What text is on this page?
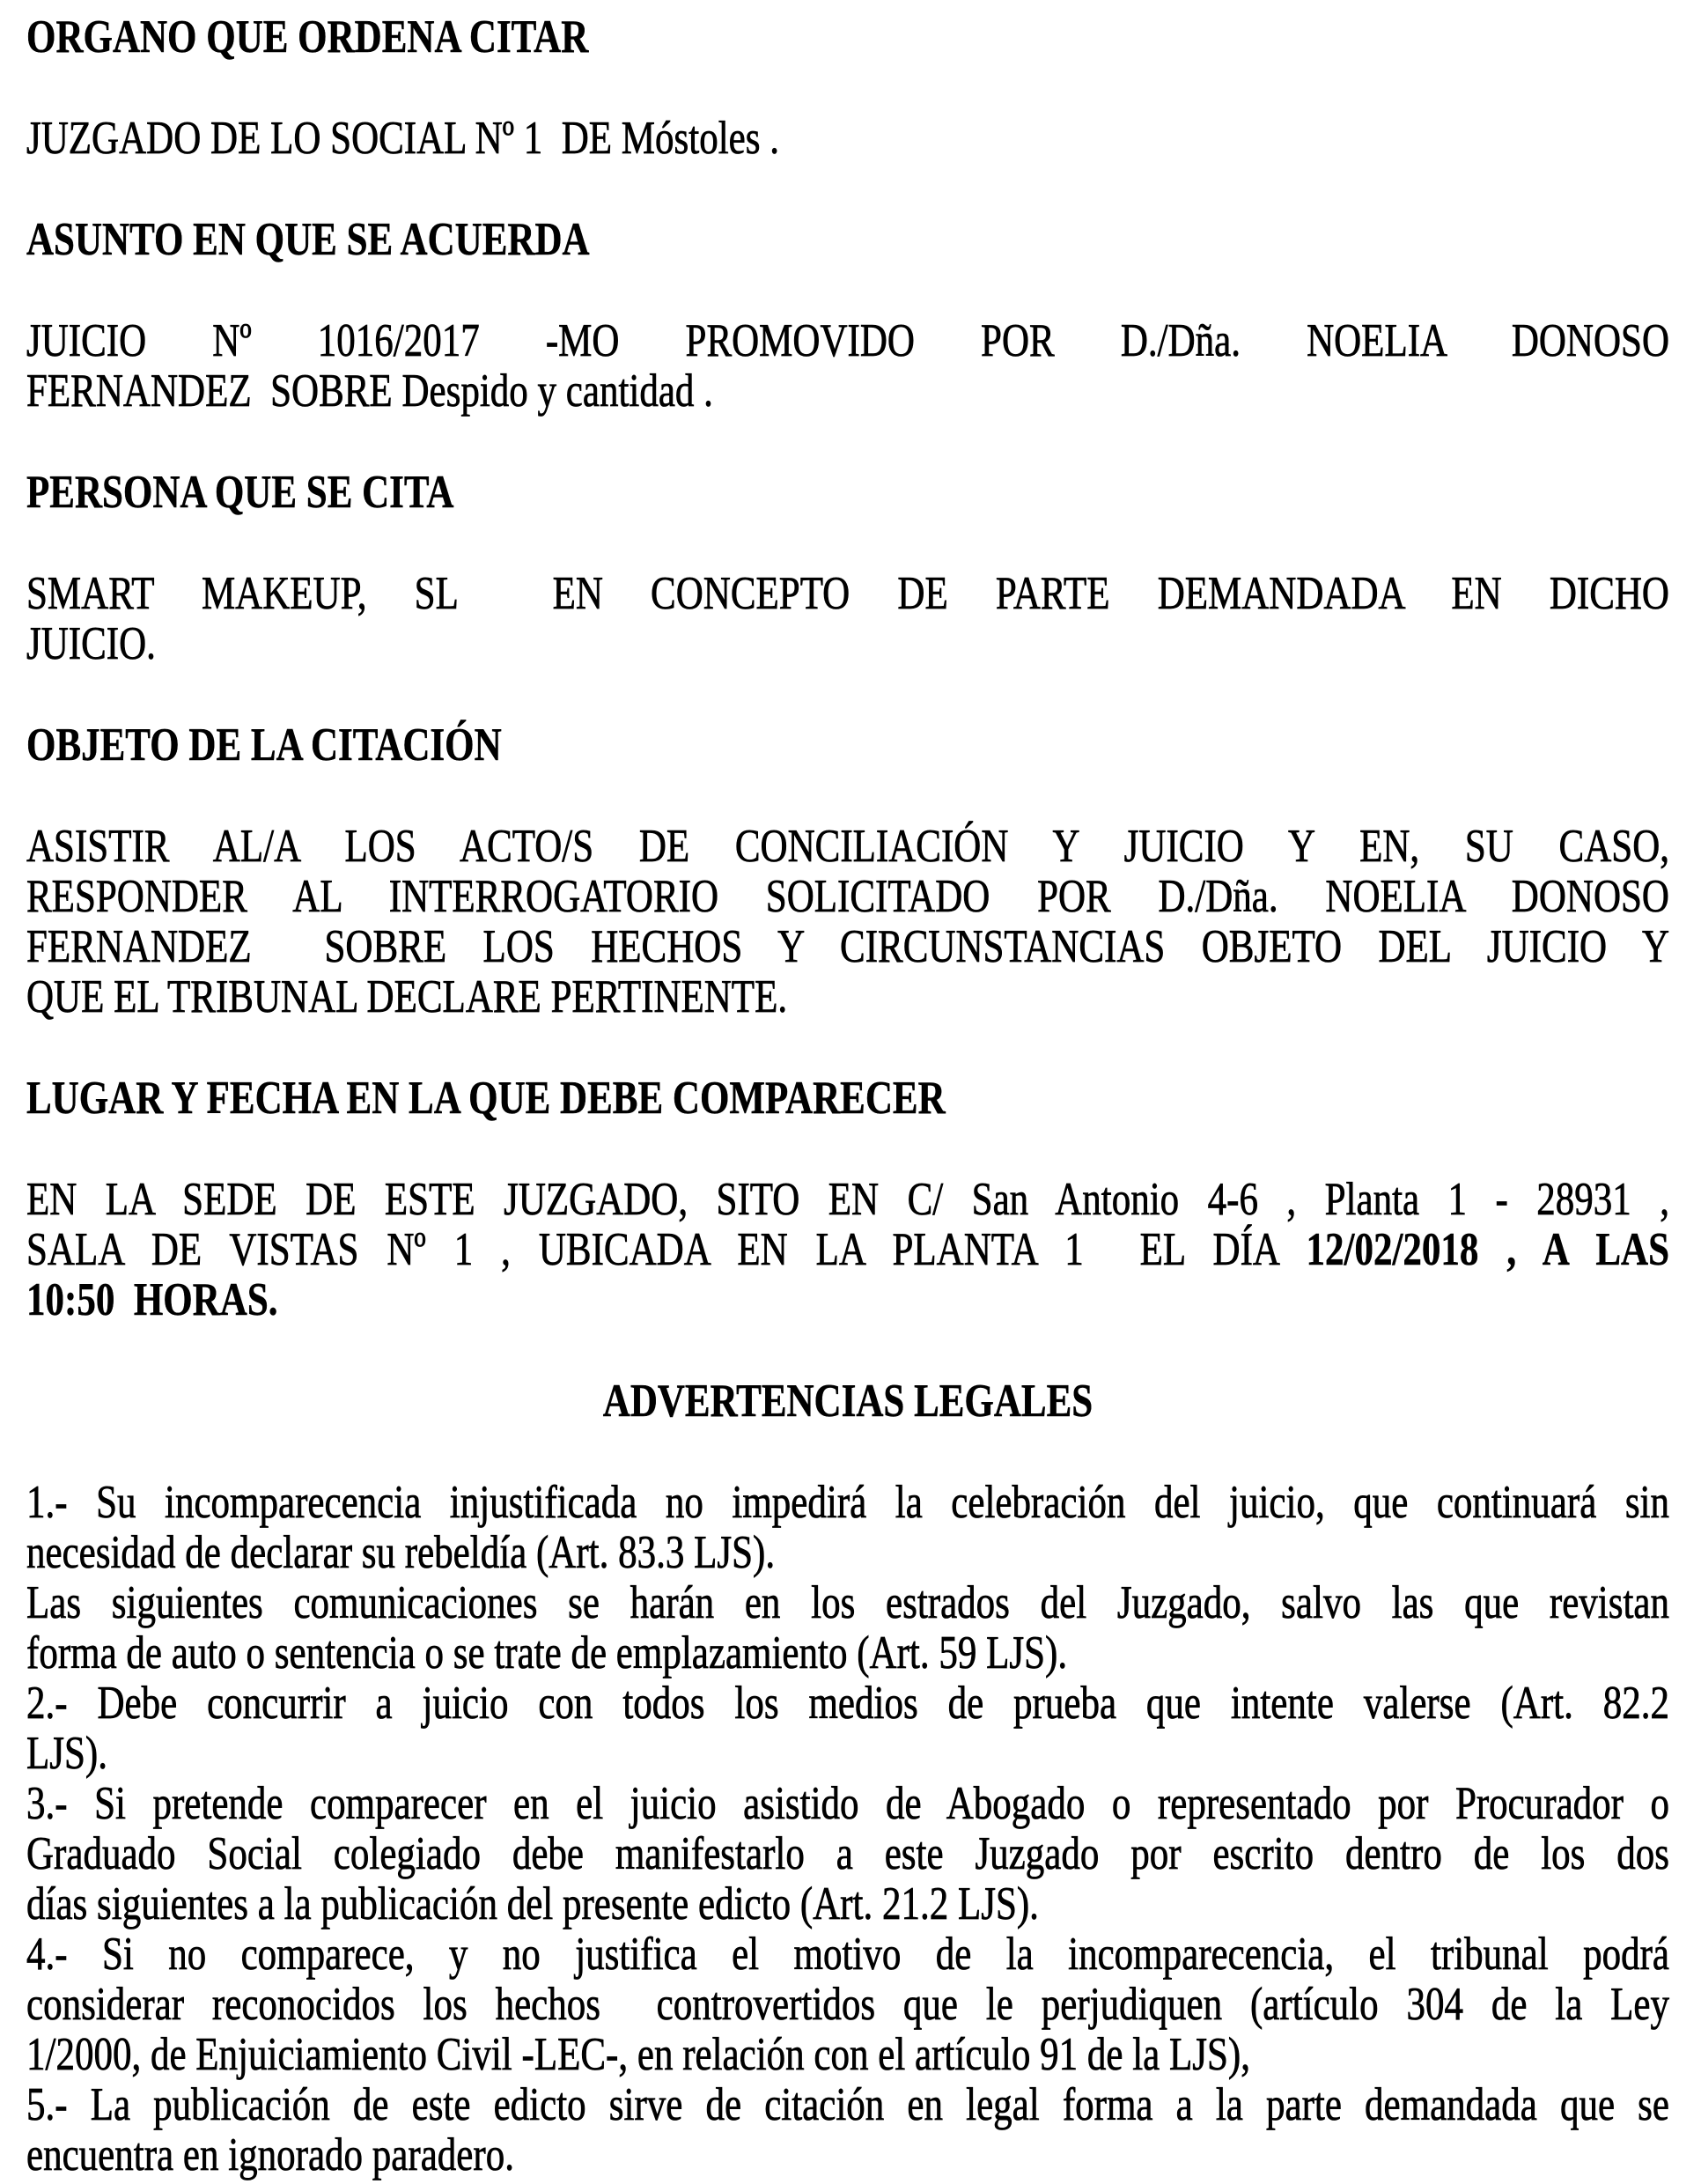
ORGANO QUE ORDENA CITAR
JUZGADO DE LO SOCIAL Nº 1  DE Móstoles .
ASUNTO EN QUE SE ACUERDA
JUICIO Nº 1016/2017 -MO PROMOVIDO POR D./Dña. NOELIA DONOSO
FERNANDEZ  SOBRE Despido y cantidad .
PERSONA QUE SE CITA
SMART MAKEUP, SL  EN CONCEPTO DE PARTE DEMANDADA EN DICHO
JUICIO.
OBJETO DE LA CITACIÓN
ASISTIR AL/A LOS ACTO/S DE CONCILIACIÓN Y JUICIO Y EN, SU CASO,
RESPONDER AL INTERROGATORIO SOLICITADO POR D./Dña. NOELIA DONOSO
FERNANDEZ  SOBRE LOS HECHOS Y CIRCUNSTANCIAS OBJETO DEL JUICIO Y
QUE EL TRIBUNAL DECLARE PERTINENTE.
LUGAR Y FECHA EN LA QUE DEBE COMPARECER
EN LA SEDE DE ESTE JUZGADO, SITO EN C/ San Antonio 4-6 , Planta 1 - 28931 ,
SALA DE VISTAS Nº 1 , UBICADA EN LA PLANTA 1  EL DÍA 12/02/2018 , A LAS
10:50  HORAS.
ADVERTENCIAS LEGALES
1.- Su incomparecencia injustificada no impedirá la celebración del juicio, que continuará sin
necesidad de declarar su rebeldía (Art. 83.3 LJS).
Las siguientes comunicaciones se harán en los estrados del Juzgado, salvo las que revistan
forma de auto o sentencia o se trate de emplazamiento (Art. 59 LJS).
2.- Debe concurrir a juicio con todos los medios de prueba que intente valerse (Art. 82.2
LJS).
3.- Si pretende comparecer en el juicio asistido de Abogado o representado por Procurador o
Graduado Social colegiado debe manifestarlo a este Juzgado por escrito dentro de los dos
días siguientes a la publicación del presente edicto (Art. 21.2 LJS).
4.- Si no comparece, y no justifica el motivo de la incomparecencia, el tribunal podrá
considerar reconocidos los hechos  controvertidos que le perjudiquen (artículo 304 de la Ley
1/2000, de Enjuiciamiento Civil -LEC-, en relación con el artículo 91 de la LJS),
5.- La publicación de este edicto sirve de citación en legal forma a la parte demandada que se
encuentra en ignorado paradero.
